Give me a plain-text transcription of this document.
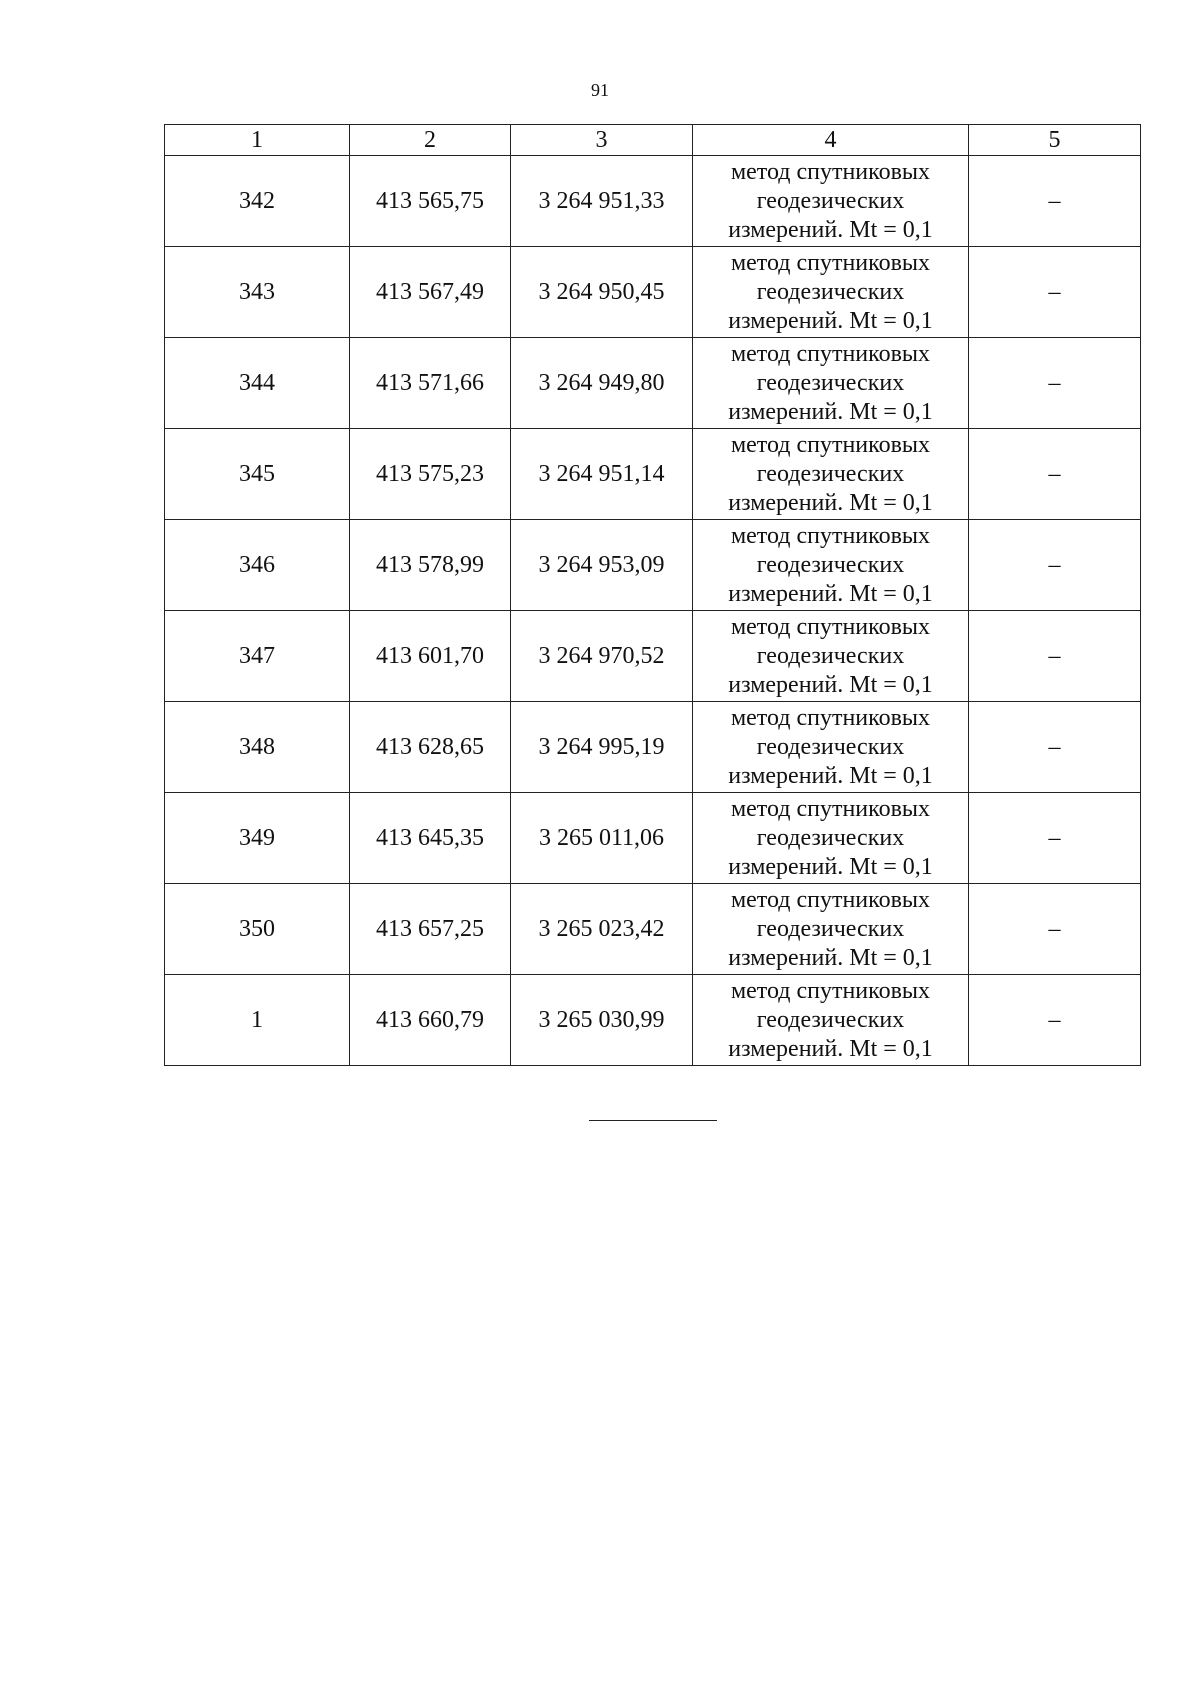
91
1	2	3	4	5
342	413 565,75	3 264 951,33	метод спутниковых
геодезических
измерений. Mt = 0,1	–
343	413 567,49	3 264 950,45	метод спутниковых
геодезических
измерений. Mt = 0,1	–
344	413 571,66	3 264 949,80	метод спутниковых
геодезических
измерений. Mt = 0,1	–
345	413 575,23	3 264 951,14	метод спутниковых
геодезических
измерений. Mt = 0,1	–
346	413 578,99	3 264 953,09	метод спутниковых
геодезических
измерений. Mt = 0,1	–
347	413 601,70	3 264 970,52	метод спутниковых
геодезических
измерений. Mt = 0,1	–
348	413 628,65	3 264 995,19	метод спутниковых
геодезических
измерений. Mt = 0,1	–
349	413 645,35	3 265 011,06	метод спутниковых
геодезических
измерений. Mt = 0,1	–
350	413 657,25	3 265 023,42	метод спутниковых
геодезических
измерений. Mt = 0,1	–
1	413 660,79	3 265 030,99	метод спутниковых
геодезических
измерений. Mt = 0,1	–
